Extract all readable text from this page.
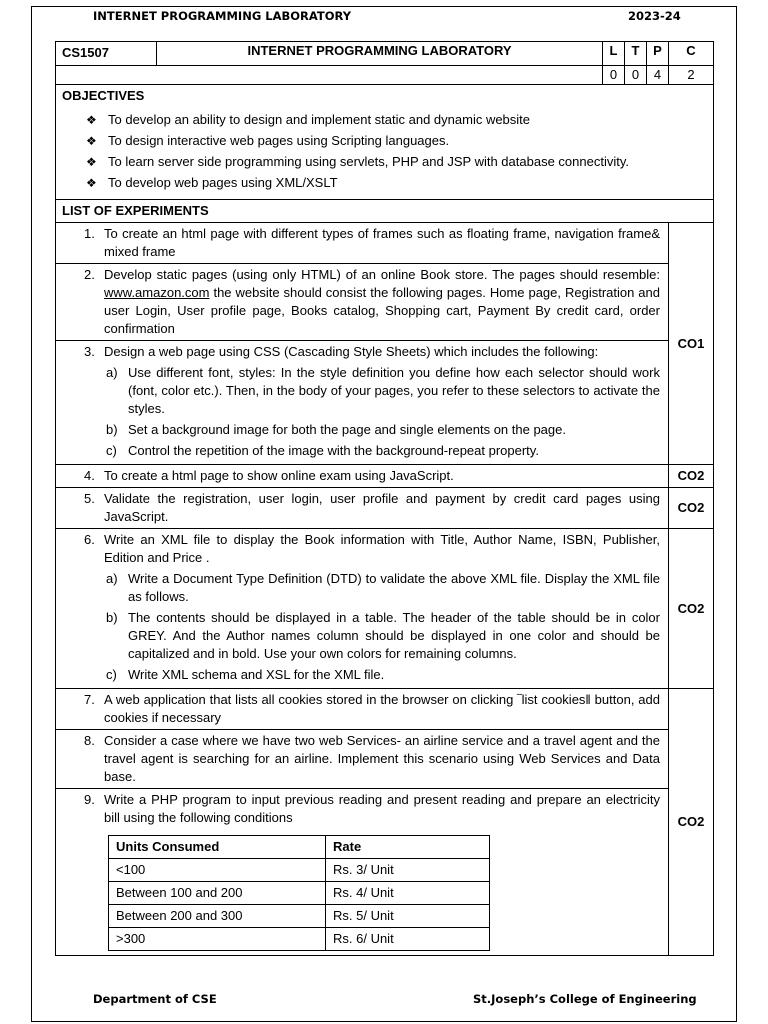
INTERNET PROGRAMMING LABORATORY	2023-24
CS1507	INTERNET PROGRAMMING LABORATORY	L	T	P	C
	0	0	4	2

OBJECTIVES
❖ To develop an ability to design and implement static and dynamic website
❖ To design interactive web pages using Scripting languages.
❖ To learn server side programming using servlets, PHP and JSP with database connectivity.
❖ To develop web pages using XML/XSLT

LIST OF EXPERIMENTS

1. To create an html page with different types of frames such as floating frame, navigation frame& mixed frame
	CO1

2. Develop static pages (using only HTML) of an online Book store. The pages should resemble: www.amazon.com the website should consist the following pages. Home page, Registration and user Login, User profile page, Books catalog, Shopping cart, Payment By credit card, order confirmation

3. Design a web page using CSS (Cascading Style Sheets) which includes the following:
a) Use different font, styles: In the style definition you define how each selector should work (font, color etc.). Then, in the body of your pages, you refer to these selectors to activate the styles.
b) Set a background image for both the page and single elements on the page.
c) Control the repetition of the image with the background-repeat property.

4. To create a html page to show online exam using JavaScript.	CO2

5. Validate the registration, user login, user profile and payment by credit card pages using JavaScript.
	CO2

6. Write an XML file to display the Book information with Title, Author Name, ISBN, Publisher, Edition and Price .
a) Write a Document Type Definition (DTD) to validate the above XML file. Display the XML file as follows.
b) The contents should be displayed in a table. The header of the table should be in color GREY. And the Author names column should be displayed in one color and should be capitalized and in bold. Use your own colors for remaining columns.
c) Write XML schema and XSL for the XML file.
	CO2

7. A web application that lists all cookies stored in the browser on clicking ‾list cookies‖ button, add cookies if necessary
	CO2

8. Consider a case where we have two web Services- an airline service and a travel agent and the travel agent is searching for an airline. Implement this scenario using Web Services and Data base.

9. Write a PHP program to input previous reading and present reading and prepare an electricity bill using the following conditions
Units Consumed	Rate
<100	Rs. 3/ Unit
Between 100 and 200	Rs. 4/ Unit
Between 200 and 300	Rs. 5/ Unit
>300	Rs. 6/ Unit
Department of CSE	St.Joseph’s College of Engineering
